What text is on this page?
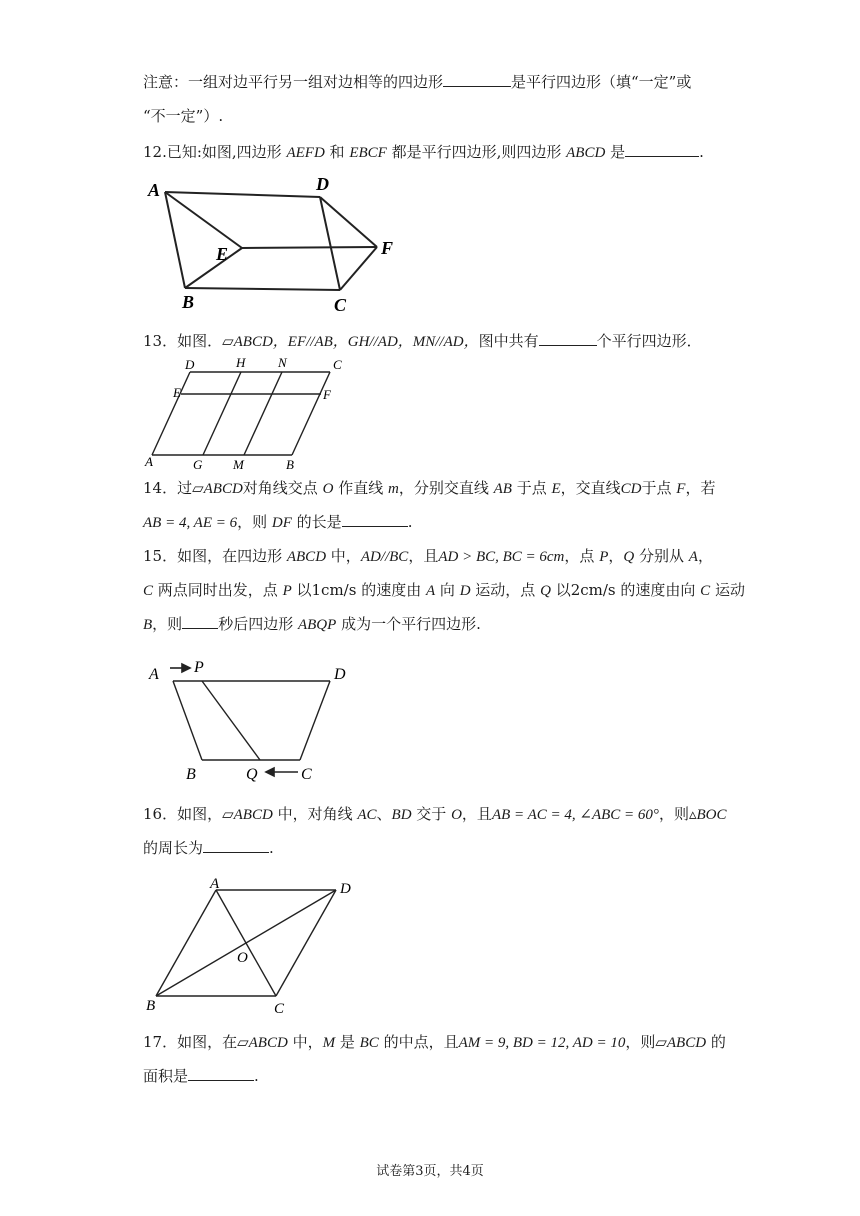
注意：一组对边平行另一组对边相等的四边形	是平行四边形（填“一定”或
“不一定”）.
12.已知:如图,四边形 AEFD 和 EBCF 都是平行四边形,则四边形 ABCD 是	.
A	D
E	F
B	C
13．如图．▱ABCD，EF//AB，GH//AD，MN//AD，图中共有	个平行四边形．
D	H	N	C
E	F
A	G M	B
14．过▱ABCD对角线交点 O 作直线 m，分别交直线 AB 于点 E，交直线CD于点 F，若
AB = 4, AE = 6，则 DF 的长是	.
15．如图，在四边形 ABCD 中，AD//BC，且AD > BC, BC = 6cm，点 P，Q 分别从 A，
C 两点同时出发，点 P 以1cm/s 的速度由 A 向 D 运动，点 Q 以2cm/s 的速度由向 C 运动
B，则 秒后四边形 ABQP 成为一个平行四边形.
A P	D
B	Q	C
16．如图，▱ABCD 中，对角线 AC、BD 交于 O，且AB = AC = 4, ∠ABC = 60°，则▵BOC
的周长为	.
A	D
O
B	C
17．如图，在▱ABCD 中，M 是 BC 的中点，且AM = 9, BD = 12, AD = 10，则▱ABCD 的
面积是	.
试卷第3页，共4页
